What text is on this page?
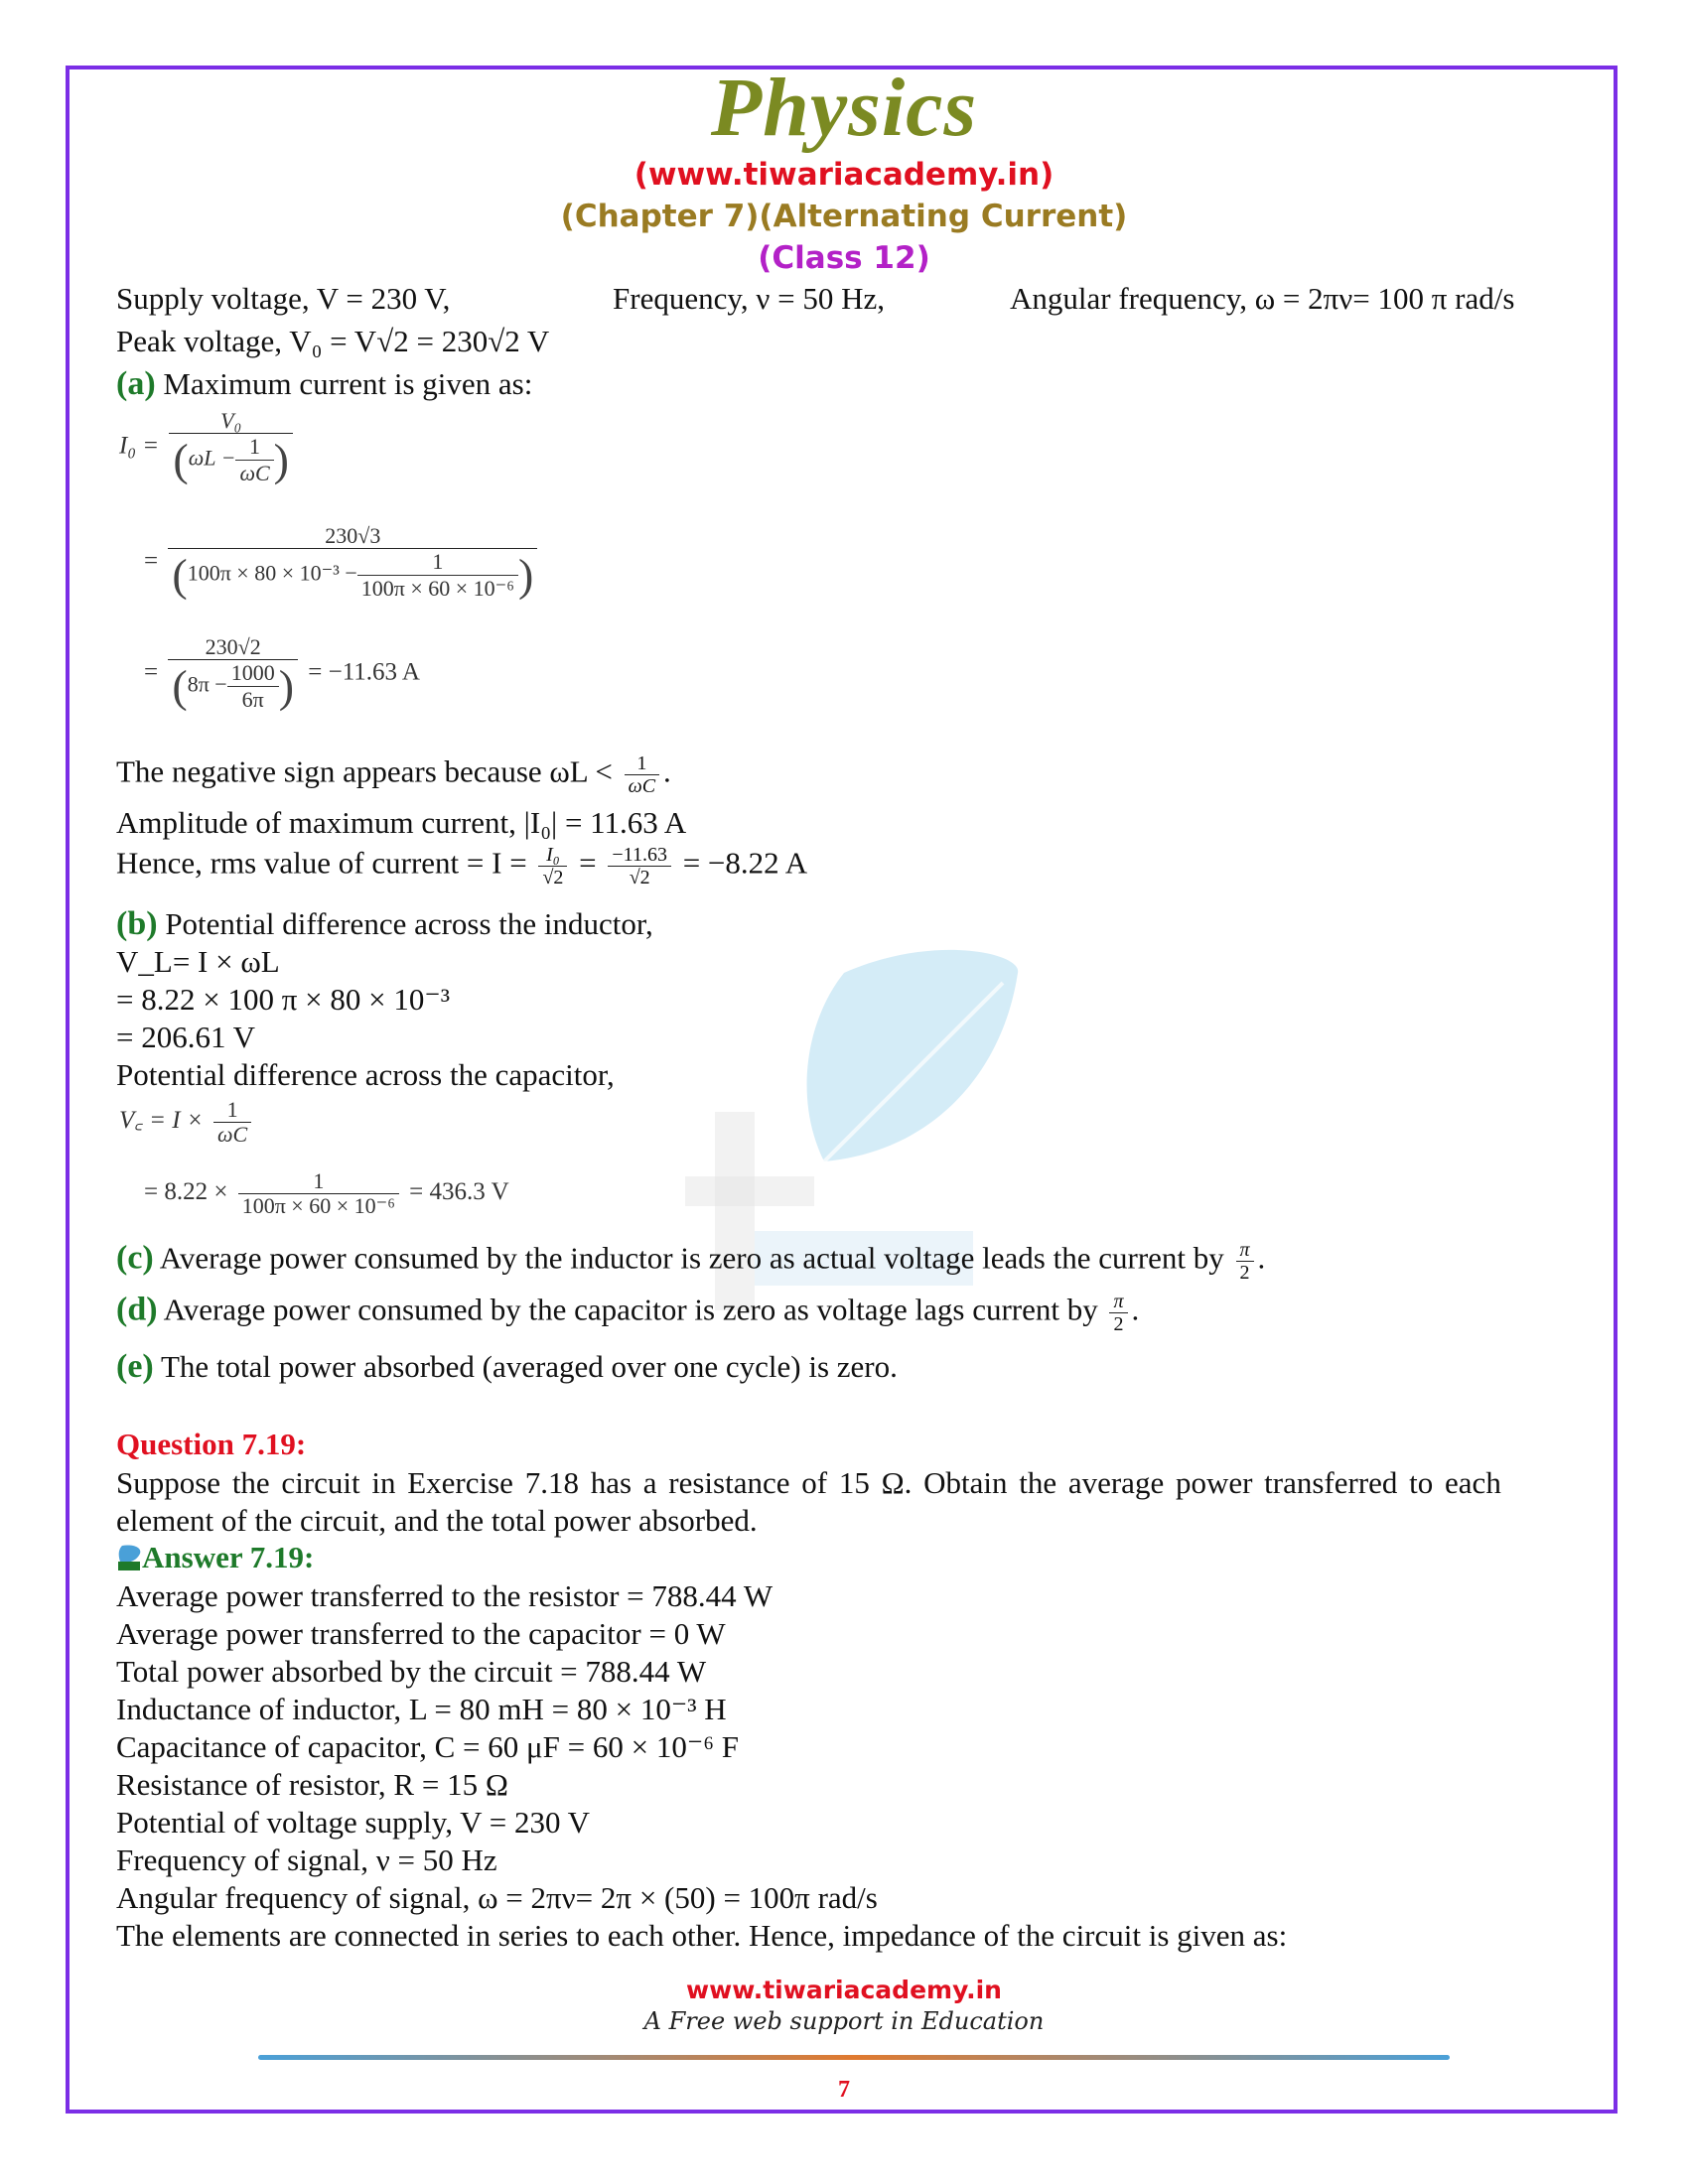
Physics
(www.tiwariacademy.in)
(Chapter 7)(Alternating Current)
(Class 12)
Supply voltage, V = 230 V,	Frequency, ν = 50 Hz,	Angular frequency, ω = 2πν= 100 π rad/s
Peak voltage, V₀ = V√2 = 230√2 V
(a) Maximum current is given as:
$I_0 = \frac{\text{V₀}}{(\omega L - \frac{1}{\omega C} )}$
= $\frac{230√3}{(100\pi \times 80 \times 10^{-3} - \frac{1}{\text{100π × 60 × 10⁻⁶}} )}$
= $\frac{230√2}{(8\pi - \frac{1000}{6\pi} )} = -11.63$ A
The negative sign appears because $\omega L < \frac{1}{\omega C}$ .
Amplitude of maximum current, |I₀| = 11.63 A
Hence, rms value of current = $I = \frac{\text{I₀}}{√2} = \frac{-11.63}{√2} = -8.22$ A
(b) Potential difference across the inductor,
V_L= I × ωL
= 8.22 × 100 π × 80 × 10⁻³
= 206.61 V
Potential difference across the capacitor,
V꜀ = $I \times \frac{1}{\omega C}$
= $8.22 \times \frac{1}{\text{100π × 60 × 10⁻⁶}} = 436.3$ V
(c) Average power consumed by the inductor is zero as actual voltage leads the current by $\frac{\pi}{2}$ .
(d) Average power consumed by the capacitor is zero as voltage lags current by $\frac{\pi}{2}$ .
(e) The total power absorbed (averaged over one cycle) is zero.
Question 7.19:
Suppose the circuit in Exercise 7.18 has a resistance of 15 Ω. Obtain the average power transferred to each
element of the circuit, and the total power absorbed.
Answer 7.19:
Average power transferred to the resistor = 788.44 W
Average power transferred to the capacitor = 0 W
Total power absorbed by the circuit = 788.44 W
Inductance of inductor, L = 80 mH = 80 × 10⁻³ H
Capacitance of capacitor, C = 60 μF = 60 × 10⁻⁶ F
Resistance of resistor, R = 15 Ω
Potential of voltage supply, V = 230 V
Frequency of signal, ν = 50 Hz
Angular frequency of signal, ω = 2πν= 2π × (50) = 100π rad/s
The elements are connected in series to each other. Hence, impedance of the circuit is given as:
www.tiwariacademy.in
A Free web support in Education
7
